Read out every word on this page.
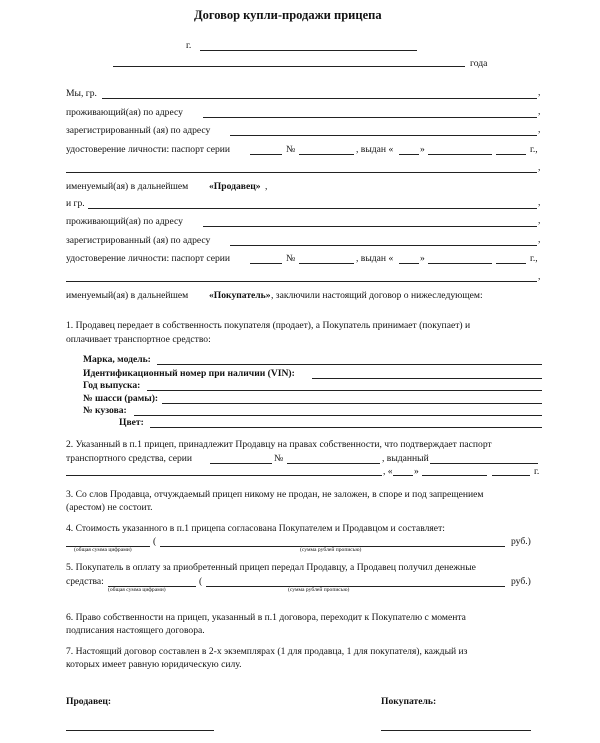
Договор купли-продажи прицепа
г.
года
Мы, гр.	,
проживающий(ая) по адресу	,
зарегистрированный (ая) по адресу	,
удостоверение личности: паспорт серии	№	, выдан «	»	г.,
,
именуемый(ая) в дальнейшем «Продавец» ,
и гр.	,
проживающий(ая) по адресу	,
зарегистрированный (ая) по адресу	,
удостоверение личности: паспорт серии	№	, выдан «	»	г.,
,
именуемый(ая) в дальнейшем «Покупатель» , заключили настоящий договор о нижеследующем:
1. Продавец передает в собственность покупателя (продает), а Покупатель принимает (покупает) и
оплачивает транспортное средство:
Марка, модель:
Идентификационный номер при наличии (VIN):
Год выпуска:
№ шасси (рамы):
№ кузова:
Цвет:
2. Указанный в п.1 прицеп, принадлежит Продавцу на правах собственности, что подтверждает паспорт
транспортного средства, серии	№	, выданный
, « »	г.
3. Со слов Продавца, отчуждаемый прицеп никому не продан, не заложен, в споре и под запрещением
(арестом) не состоит.
4. Стоимость указанного в п.1 прицепа согласована Покупателем и Продавцом и составляет:
(	руб.)
(общая сумма цифрами)	(сумма рублей прописью)
5. Покупатель в оплату за приобретенный прицеп передал Продавцу, а Продавец получил денежные
средства:	(	руб.)
(общая сумма цифрами)	(сумма рублей прописью)
6. Право собственности на прицеп, указанный в п.1 договора, переходит к Покупателю с момента
подписания настоящего договора.
7. Настоящий договор составлен в 2-х экземплярах (1 для продавца, 1 для покупателя), каждый из
которых имеет равную юридическую силу.
Продавец:	Покупатель:
